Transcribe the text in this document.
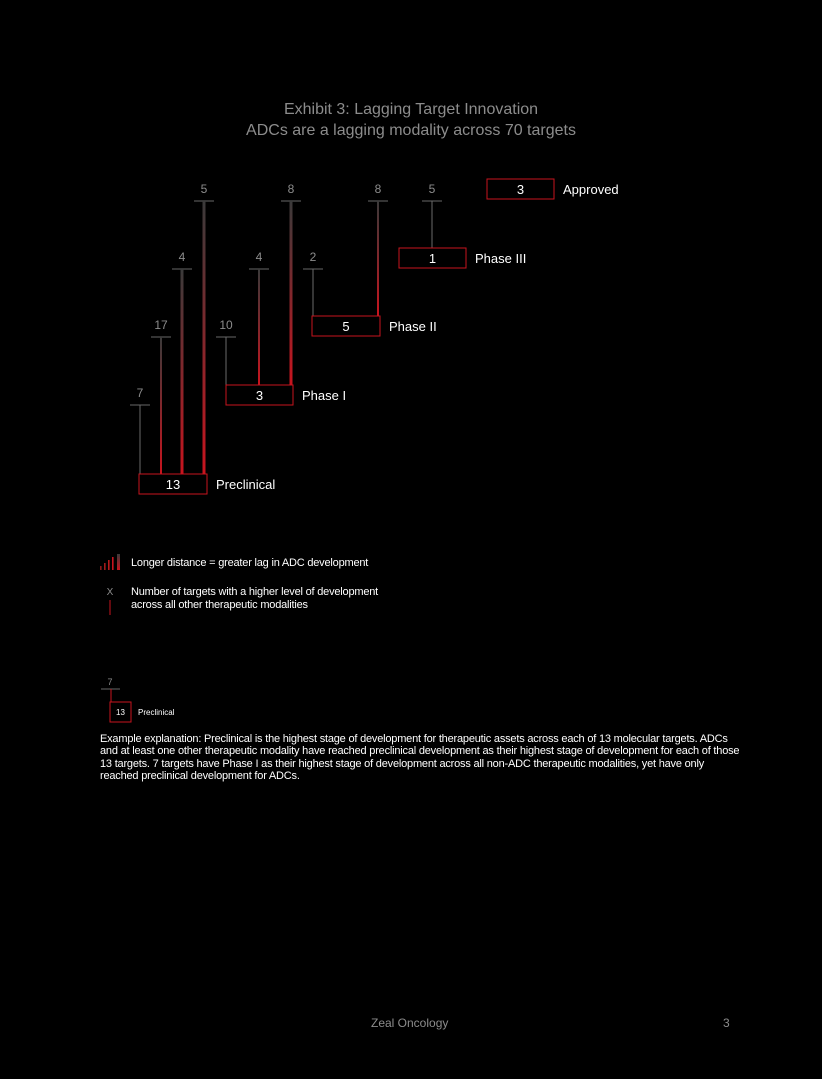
Exhibit 3: Lagging Target Innovation
ADCs are a lagging modality across 70 targets
7
17
4
5
13	Preclinical
10
4
8
3	Phase I
2
8
5	Phase II
5
1	Phase III
3	Approved
X
7
13 Preclinical
Longer distance = greater lag in ADC development
Number of targets with a higher level of development
across all other therapeutic modalities
Example explanation: Preclinical is the highest stage of development for therapeutic assets across each of 13 molecular targets. ADCs and at least one other therapeutic modality have reached preclinical development as their highest stage of development for each of those 13 targets. 7 targets have Phase I as their highest stage of development across all non-ADC therapeutic modalities, yet have only reached preclinical development for ADCs.
Zeal Oncology	3
